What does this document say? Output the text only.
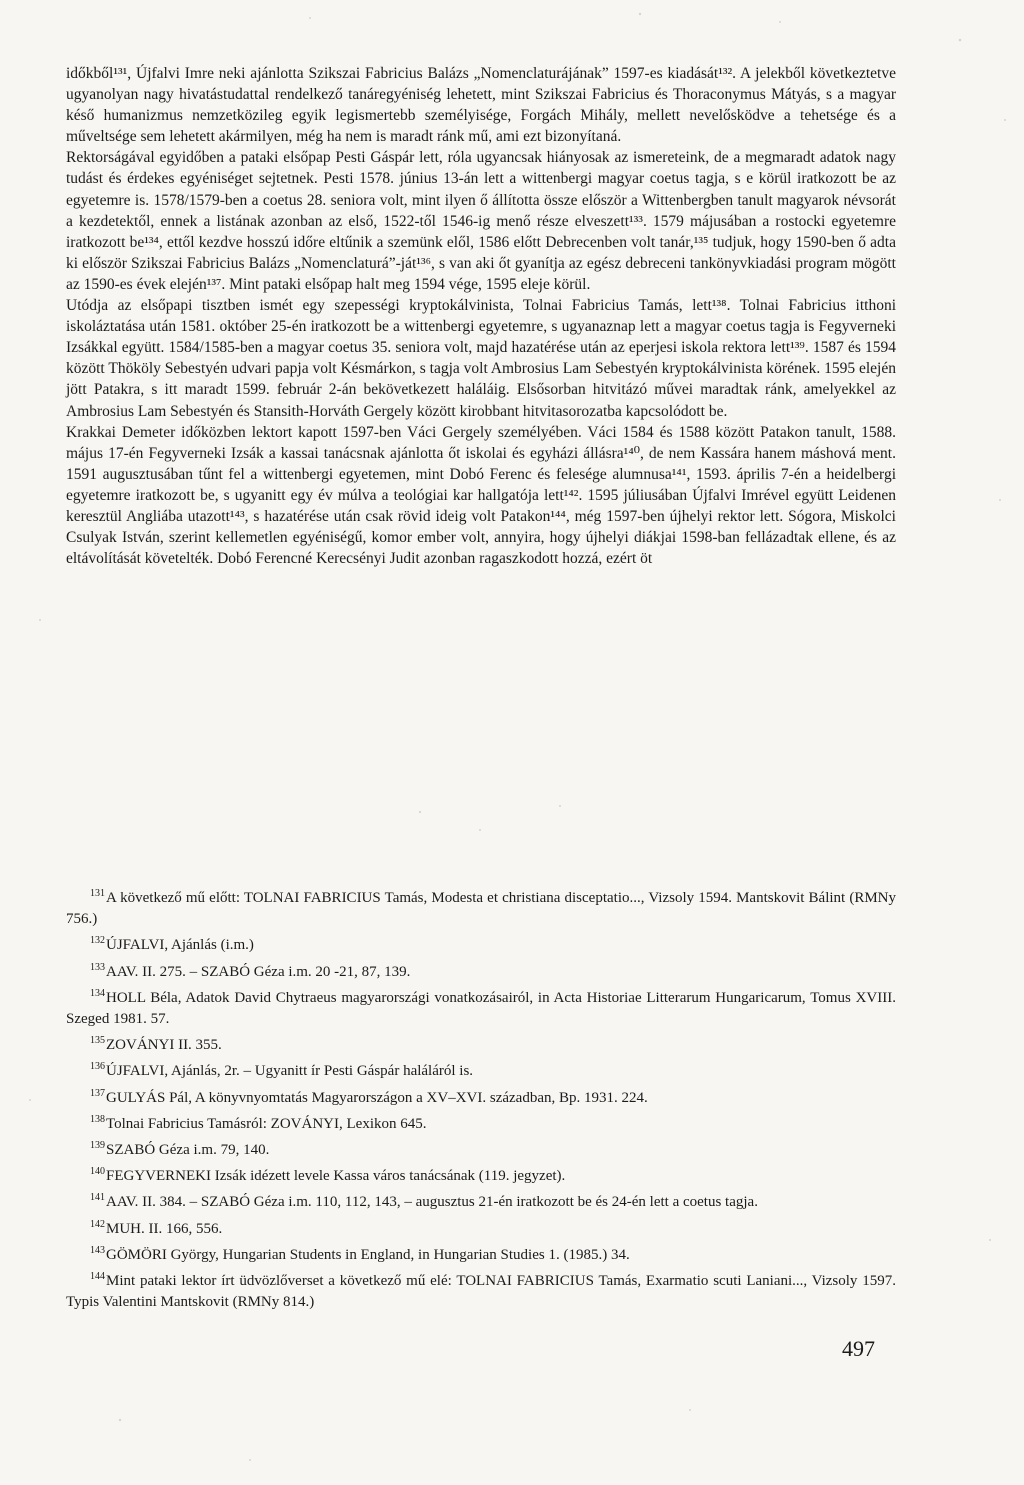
időkből¹³¹, Újfalvi Imre neki ajánlotta Szikszai Fabricius Balázs „Nomenclaturájának” 1597-es kiadását¹³². A jelekből következtetve ugyanolyan nagy hivatástudattal rendelkező tanáregyéniség lehetett, mint Szikszai Fabricius és Thoraconymus Mátyás, s a magyar késő humanizmus nemzetközileg egyik legismertebb személyisége, Forgách Mihály, mellett nevelősködve a tehetsége és a műveltsége sem lehetett akármilyen, még ha nem is maradt ránk mű, ami ezt bizonyítaná.

Rektorságával egyidőben a pataki elsőpap Pesti Gáspár lett, róla ugyancsak hiányosak az ismereteink, de a megmaradt adatok nagy tudást és érdekes egyéniséget sejtetnek. Pesti 1578. június 13-án lett a wittenbergi magyar coetus tagja, s e körül iratkozott be az egyetemre is. 1578/1579-ben a coetus 28. seniora volt, mint ilyen ő állította össze először a Wittenbergben tanult magyarok névsorát a kezdetektől, ennek a listának azonban az első, 1522-től 1546-ig menő része elveszett¹³³. 1579 májusában a rostocki egyetemre iratkozott be¹³⁴, ettől kezdve hosszú időre eltűnik a szemünk elől, 1586 előtt Debrecenben volt tanár,¹³⁵ tudjuk, hogy 1590-ben ő adta ki először Szikszai Fabricius Balázs „Nomenclaturá”-ját¹³⁶, s van aki őt gyanítja az egész debreceni tankönyvkiadási program mögött az 1590-es évek elején¹³⁷. Mint pataki elsőpap halt meg 1594 vége, 1595 eleje körül.

Utódja az elsőpapi tisztben ismét egy szepességi kryptokálvinista, Tolnai Fabricius Tamás, lett¹³⁸. Tolnai Fabricius itthoni iskoláztatása után 1581. október 25-én iratkozott be a wittenbergi egyetemre, s ugyanaznap lett a magyar coetus tagja is Fegyverneki Izsákkal együtt. 1584/1585-ben a magyar coetus 35. seniora volt, majd hazatérése után az eperjesi iskola rektora lett¹³⁹. 1587 és 1594 között Thököly Sebestyén udvari papja volt Késmárkon, s tagja volt Ambrosius Lam Sebestyén kryptokálvinista körének. 1595 elején jött Patakra, s itt maradt 1599. február 2-án bekövetkezett haláláig. Elsősorban hitvitázó művei maradtak ránk, amelyekkel az Ambrosius Lam Sebestyén és Stansith-Horváth Gergely között kirobbant hitvitasorozatba kapcsolódott be.

Krakkai Demeter időközben lektort kapott 1597-ben Váci Gergely személyében. Váci 1584 és 1588 között Patakon tanult, 1588. május 17-én Fegyverneki Izsák a kassai tanácsnak ajánlotta őt iskolai és egyházi állásra¹⁴⁰, de nem Kassára hanem máshová ment. 1591 augusztusában tűnt fel a wittenbergi egyetemen, mint Dobó Ferenc és felesége alumnusa¹⁴¹, 1593. április 7-én a heidelbergi egyetemre iratkozott be, s ugyanitt egy év múlva a teológiai kar hallgatója lett¹⁴². 1595 júliusában Újfalvi Imrével együtt Leidenen keresztül Angliába utazott¹⁴³, s hazatérése után csak rövid ideig volt Patakon¹⁴⁴, még 1597-ben újhelyi rektor lett. Sógora, Miskolci Csulyak István, szerint kellemetlen egyéniségű, komor ember volt, annyira, hogy újhelyi diákjai 1598-ban fellázadtak ellene, és az eltávolítását követelték. Dobó Ferencné Kerecsényi Judit azonban ragaszkodott hozzá, ezért öt

$^{131}$A következő mű előtt: TOLNAI FABRICIUS Tamás, Modesta et christiana disceptatio..., Vizsoly 1594. Mantskovit Bálint (RMNy 756.)

$^{132}$ÚJFALVI, Ajánlás (i.m.)

$^{133}$AAV. II. 275. – SZABÓ Géza i.m. 20 -21, 87, 139.

$^{134}$HOLL Béla, Adatok David Chytraeus magyarországi vonatkozásairól, in Acta Historiae Litterarum Hungaricarum, Tomus XVIII. Szeged 1981. 57.

$^{135}$ZOVÁNYI II. 355.

$^{136}$ÚJFALVI, Ajánlás, 2r. – Ugyanitt ír Pesti Gáspár haláláról is.

$^{137}$GULYÁS Pál, A könyvnyomtatás Magyarországon a XV–XVI. században, Bp. 1931. 224.

$^{138}$Tolnai Fabricius Tamásról: ZOVÁNYI, Lexikon 645.

$^{139}$SZABÓ Géza i.m. 79, 140.

$^{140}$FEGYVERNEKI Izsák idézett levele Kassa város tanácsának (119. jegyzet).

$^{141}$AAV. II. 384. – SZABÓ Géza i.m. 110, 112, 143, – augusztus 21-én iratkozott be és 24-én lett a coetus tagja.

$^{142}$MUH. II. 166, 556.

$^{143}$GÖMÖRI György, Hungarian Students in England, in Hungarian Studies 1. (1985.) 34.

$^{144}$Mint pataki lektor írt üdvözlőverset a következő mű elé: TOLNAI FABRICIUS Tamás, Exarmatio scuti Laniani..., Vizsoly 1597. Typis Valentini Mantskovit (RMNy 814.)

497
